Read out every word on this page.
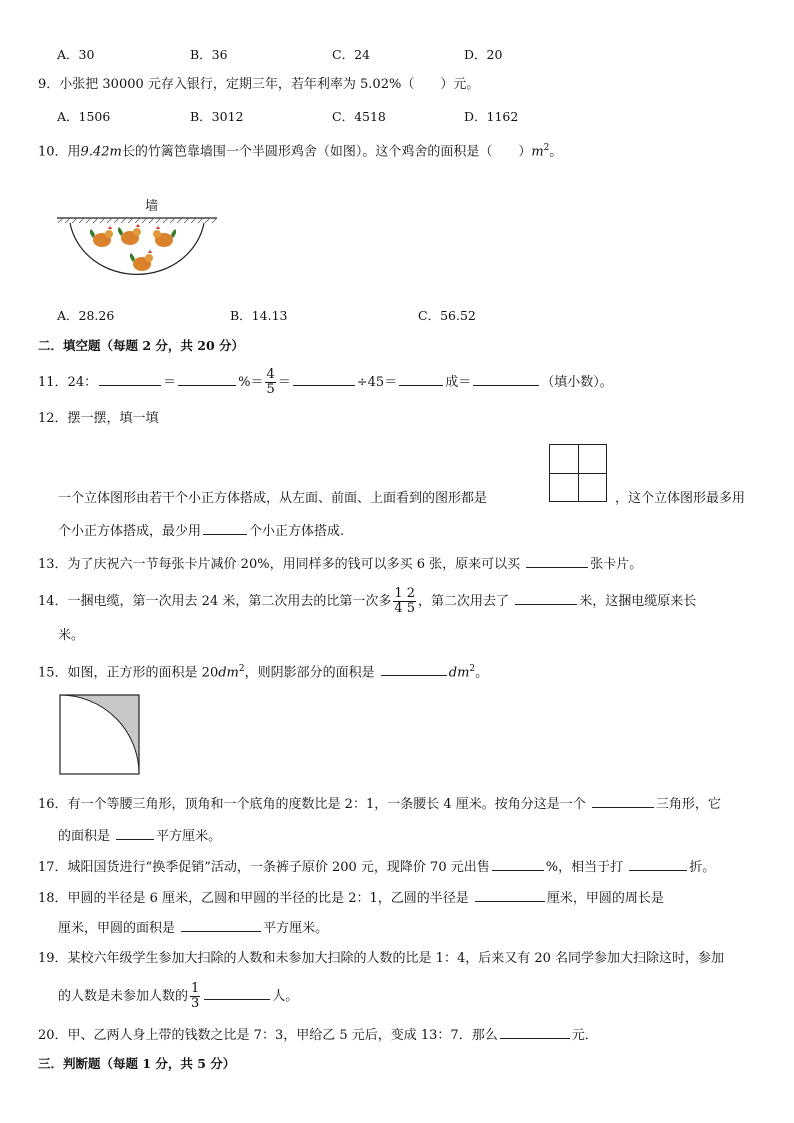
A．30	B．36	C．24	D．20
9．小张把 30000 元存入银行，定期三年，若年利率为 5.02%（　　）元。
A．1506	B．3012	C．4518	D．1162
10．用9.42m长的竹篱笆靠墙围一个半圆形鸡舍（如图）。这个鸡舍的面积是（　　）$m^2$。
墙
A．28.26	B．14.13	C．56.52
二．填空题（每题 2 分，共 20 分）
11．24：	＝	%＝ $\frac{4}{5}$ ＝	÷45＝	成＝	（填小数）。
12．摆一摆，填一填
一个立体图形由若干个小正方体搭成，从左面、前面、上面看到的图形都是	，这个立体图形最多用
个小正方体搭成，最少用	个小正方体搭成.
13．为了庆祝六一节每张卡片减价 20%，用同样多的钱可以多买 6 张，原来可以买	张卡片。
14．一捆电缆，第一次用去 24 米，第二次用去的比第一次多 $\frac{1 2}{4 5}$ ，第二次用去了	米，这捆电缆原来长
米。
15．如图，正方形的面积是 $20dm^2$，则阴影部分的面积是	$dm^2$。
16．有一个等腰三角形，顶角和一个底角的度数比是 2：1，一条腰长 4 厘米。按角分这是一个	三角形，它
的面积是	平方厘米。
17．城阳国货进行“换季促销”活动，一条裤子原价 200 元，现降价 70 元出售	%，相当于打	折。
18．甲圆的半径是 6 厘米，乙圆和甲圆的半径的比是 2：1，乙圆的半径是	厘米，甲圆的周长是
厘米，甲圆的面积是	平方厘米。
19．某校六年级学生参加大扫除的人数和未参加大扫除的人数的比是 1：4，后来又有 20 名同学参加大扫除这时，参加
的人数是未参加人数的 $\frac{1}{3}$	人。
20．甲、乙两人身上带的钱数之比是 7：3，甲给乙 5 元后，变成 13：7．那么	元．
三．判断题（每题 1 分，共 5 分）
